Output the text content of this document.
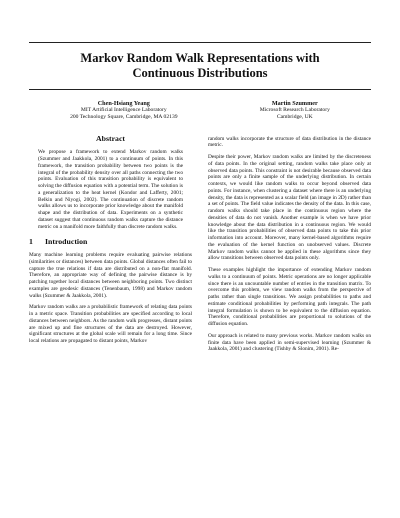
Markov Random Walk Representations with Continuous Distributions
Chen-Hsiang Yeang
MIT Artificial Intelligence Laboratory
200 Technology Square, Cambridge, MA 02139
Martin Szummer
Microsoft Research Laboratory
Cambridge, UK
Abstract

We propose a framework to extend Markov random walks (Szummer and Jaakkola, 2001) to a continuum of points. In this framework, the transition probability between two points is the integral of the probability density over all paths connecting the two points. Evaluation of this transition probability is equivalent to solving the diffusion equation with a potential term. The solution is a generalization to the heat kernel (Kondor and Lafferty, 2001; Belkin and Niyogi, 2002). The continuation of discrete random walks allows us to incorporate prior knowledge about the manifold shape and the distribution of data. Experiments on a synthetic dataset suggest that continuous random walks capture the distance metric on a manifold more faithfully than discrete random walks.

1 Introduction

Many machine learning problems require evaluating pairwise relations (similarities or distances) between data points. Global distances often fail to capture the true relations if data are distributed on a non-flat manifold. Therefore, an appropriate way of defining the pairwise distance is by patching together local distances between neighboring points. Two distinct examples are geodesic distances (Tenenbaum, 1998) and Markov random walks (Szummer & Jaakkola, 2001).

Markov random walks are a probabilistic framework of relating data points in a metric space. Transition probabilities are specified according to local distances between neighbors. As the random walk progresses, distant points are mixed up and fine structures of the data are destroyed. However, significant structures at the global scale will remain for a long time. Since local relations are propagated to distant points, Markov

random walks incorporate the structure of data distribution in the distance metric.

Despite their power, Markov random walks are limited by the discreteness of data points. In the original setting, random walks take place only at observed data points. This constraint is not desirable because observed data points are only a finite sample of the underlying distribution. In certain contexts, we would like random walks to occur beyond observed data points. For instance, when clustering a dataset where there is an underlying density, the data is represented as a scalar field (an image in 2D) rather than a set of points. The field value indicates the density of the data. In this case, random walks should take place in the continuous region where the densities of data do not vanish. Another example is when we have prior knowledge about the data distribution in a continuous region. We would like the transition probabilities of observed data points to take this prior information into account. Moreover, many kernel-based algorithms require the evaluation of the kernel function on unobserved values. Discrete Markov random walks cannot be applied in these algorithms since they allow transitions between observed data points only.

These examples highlight the importance of extending Markov random walks to a continuum of points. Metric operations are no longer applicable since there is an uncountable number of entries in the transition matrix. To overcome this problem, we view random walks from the perspective of paths rather than single transitions. We assign probabilities to paths and estimate conditional probabilities by performing path integrals. The path integral formulation is shown to be equivalent to the diffusion equation. Therefore, conditional probabilities are proportional to solutions of the diffusion equation.

Our approach is related to many previous works. Markov random walks on finite data have been applied in semi-supervised learning (Szummer & Jaakkola, 2001) and clustering (Tishby & Slonim, 2001). Re-
